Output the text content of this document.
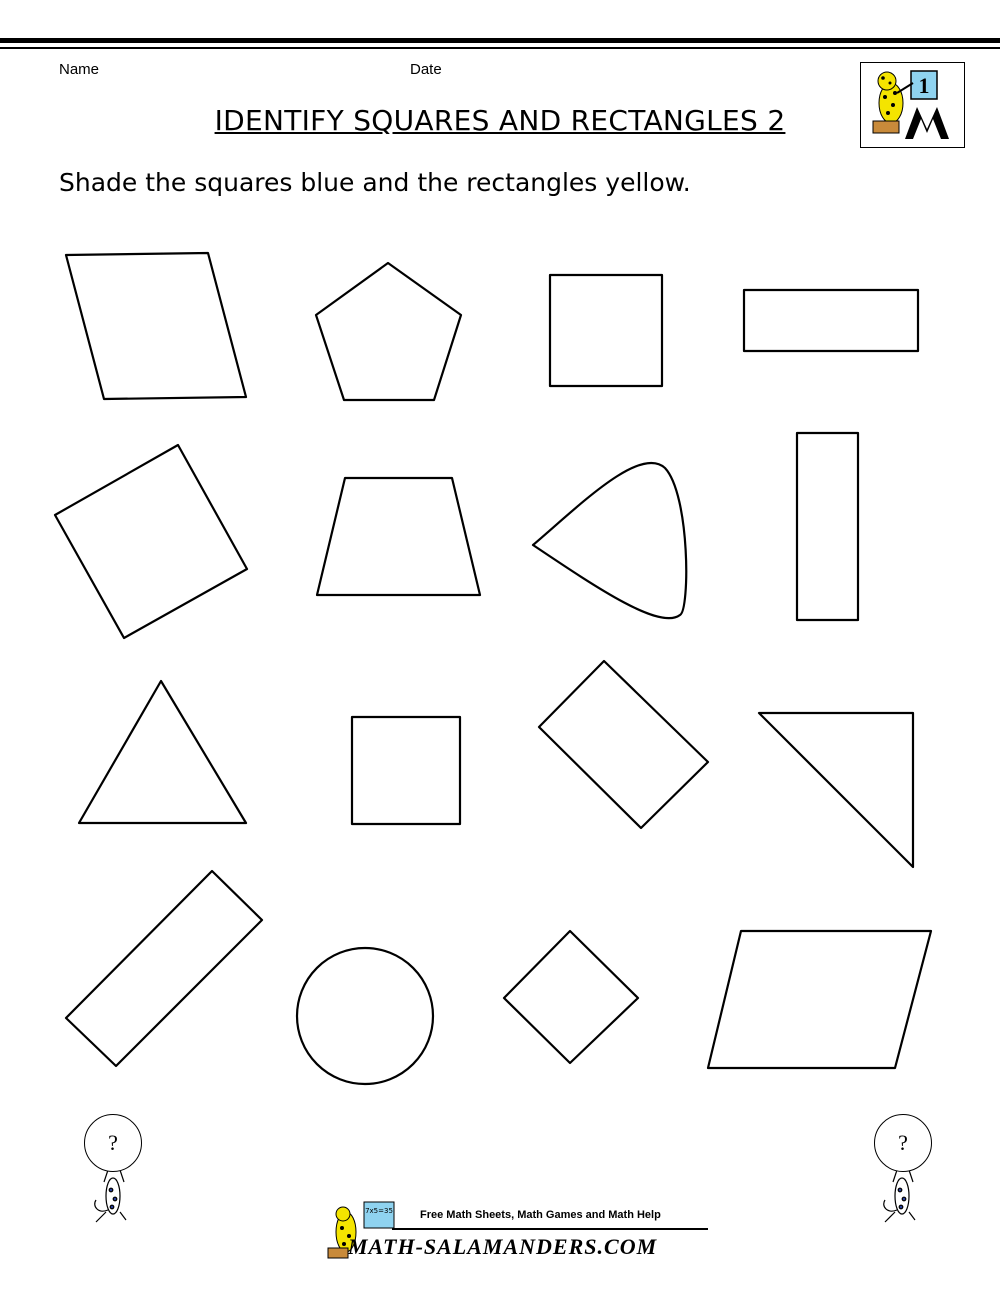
Name	Date
1
IDENTIFY SQUARES AND RECTANGLES 2
Shade the squares blue and the rectangles yellow.
7x5=35
?	?
Free Math Sheets, Math Games and Math Help
MATH-SALAMANDERS.COM
